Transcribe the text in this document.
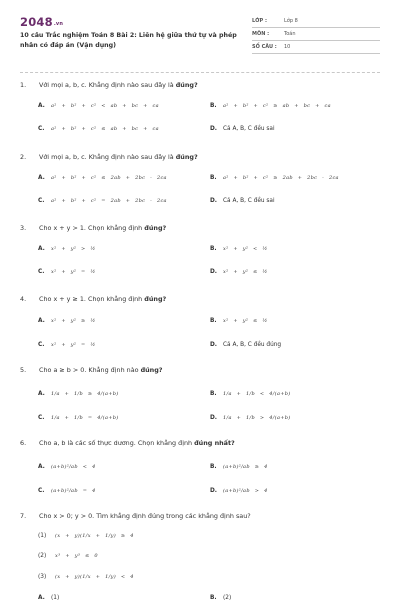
2048.vn
10 câu Trắc nghiệm Toán 8 Bài 2: Liên hệ giữa thứ tự và phép nhân có đáp án (Vận dụng)
LỚP :	Lớp 8
MÔN :	Toán
SỐ CÂU :	10
1.	Với mọi a, b, c. Khẳng định nào sau đây là đúng?
A.	a² + b² + c² < ab + bc + ca	B.	a² + b² + c² ≥ ab + bc + ca
C.	a² + b² + c² ≤ ab + bc + ca	D.	Cả A, B, C đều sai
2.	Với mọi a, b, c. Khẳng định nào sau đây là đúng?
A.	a² + b² + c² ≤ 2ab + 2bc - 2ca	B.	a² + b² + c² ≥ 2ab + 2bc - 2ca
C.	a² + b² + c² = 2ab + 2bc - 2ca	D.	Cả A, B, C đều sai
3.	Cho x + y > 1. Chọn khẳng định đúng?
A.	x² + y² > ½	B.	x² + y² < ½
C.	x² + y² = ½	D.	x² + y² ≤ ½
4.	Cho x + y ≥ 1. Chọn khẳng định đúng?
A.	x² + y² ≥ ½	B.	x² + y² ≤ ½
C.	x² + y² = ½	D.	Cả A, B, C đều đúng
5.	Cho a ≥ b > 0. Khẳng định nào đúng?
A.	1/a + 1/b ≥ 4/(a+b)	B.	1/a + 1/b < 4/(a+b)
C.	1/a + 1/b = 4/(a+b)	D.	1/a + 1/b > 4/(a+b)
6.	Cho a, b là các số thực dương. Chọn khẳng định đúng nhất?
A.	(a+b)²/ab < 4	B.	(a+b)²/ab ≥ 4
C.	(a+b)²/ab = 4	D.	(a+b)²/ab > 4
7.	Cho x > 0; y > 0. Tìm khẳng định đúng trong các khẳng định sau?
(1)	(x + y)(1/x + 1/y) ≥ 4
(2)	x³ + y³ ≤ 0
(3)	(x + y)(1/x + 1/y) < 4
A.	(1)	B.	(2)
